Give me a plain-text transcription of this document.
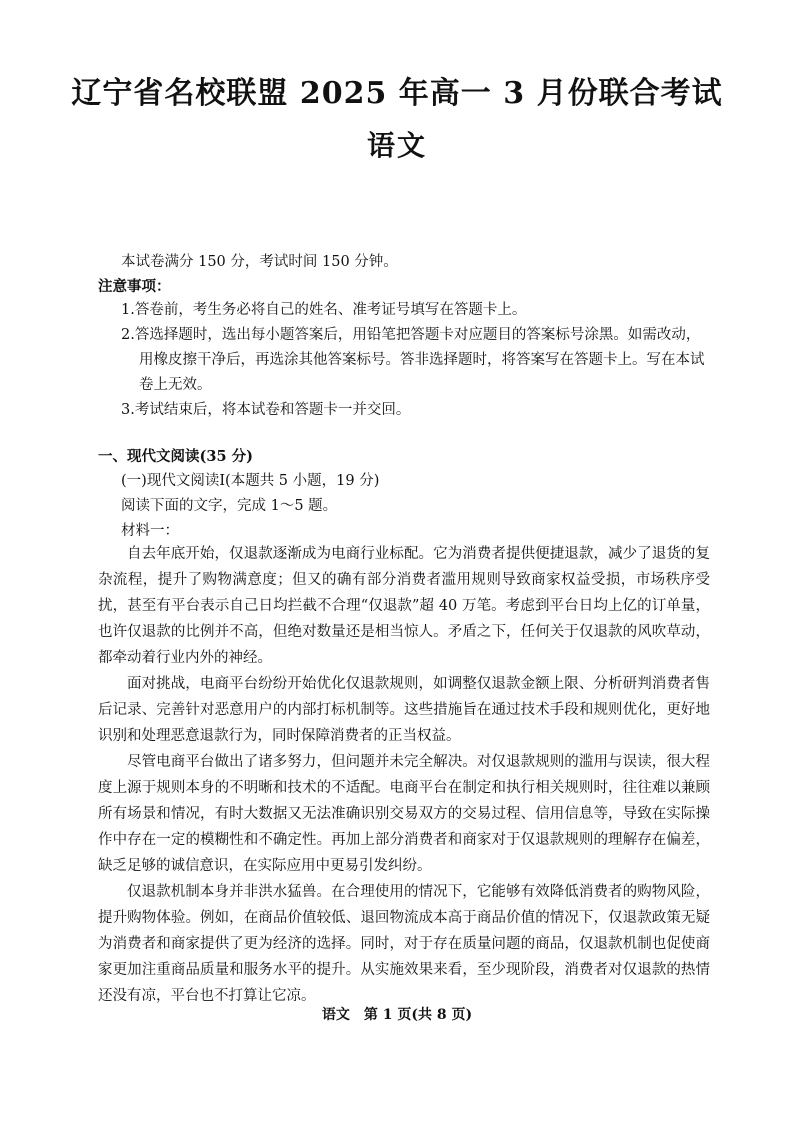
辽宁省名校联盟 2025 年高一 3 月份联合考试
语文
本试卷满分 150 分，考试时间 150 分钟。
注意事项：
1.答卷前，考生务必将自己的姓名、准考证号填写在答题卡上。
2.答选择题时，选出每小题答案后，用铅笔把答题卡对应题目的答案标号涂黑。如需改动，用橡皮擦干净后，再选涂其他答案标号。答非选择题时，将答案写在答题卡上。写在本试卷上无效。
3.考试结束后，将本试卷和答题卡一并交回。
一、现代文阅读(35 分)
(一)现代文阅读Ⅰ(本题共 5 小题，19 分)
阅读下面的文字，完成 1～5 题。
材料一：

自去年底开始，仅退款逐渐成为电商行业标配。它为消费者提供便捷退款，减少了退货的复杂流程，提升了购物满意度；但又的确有部分消费者滥用规则导致商家权益受损，市场秩序受扰，甚至有平台表示自己日均拦截不合理“仅退款”超 40 万笔。考虑到平台日均上亿的订单量，也许仅退款的比例并不高，但绝对数量还是相当惊人。矛盾之下，任何关于仅退款的风吹草动，都牵动着行业内外的神经。

面对挑战，电商平台纷纷开始优化仅退款规则，如调整仅退款金额上限、分析研判消费者售后记录、完善针对恶意用户的内部打标机制等。这些措施旨在通过技术手段和规则优化，更好地识别和处理恶意退款行为，同时保障消费者的正当权益。

尽管电商平台做出了诸多努力，但问题并未完全解决。对仅退款规则的滥用与误读，很大程度上源于规则本身的不明晰和技术的不适配。电商平台在制定和执行相关规则时，往往难以兼顾所有场景和情况，有时大数据又无法准确识别交易双方的交易过程、信用信息等，导致在实际操作中存在一定的模糊性和不确定性。再加上部分消费者和商家对于仅退款规则的理解存在偏差，缺乏足够的诚信意识，在实际应用中更易引发纠纷。

仅退款机制本身并非洪水猛兽。在合理使用的情况下，它能够有效降低消费者的购物风险，提升购物体验。例如，在商品价值较低、退回物流成本高于商品价值的情况下，仅退款政策无疑为消费者和商家提供了更为经济的选择。同时，对于存在质量问题的商品，仅退款机制也促使商家更加注重商品质量和服务水平的提升。从实施效果来看，至少现阶段，消费者对仅退款的热情还没有凉，平台也不打算让它凉。

语文　第 1 页(共 8 页)
